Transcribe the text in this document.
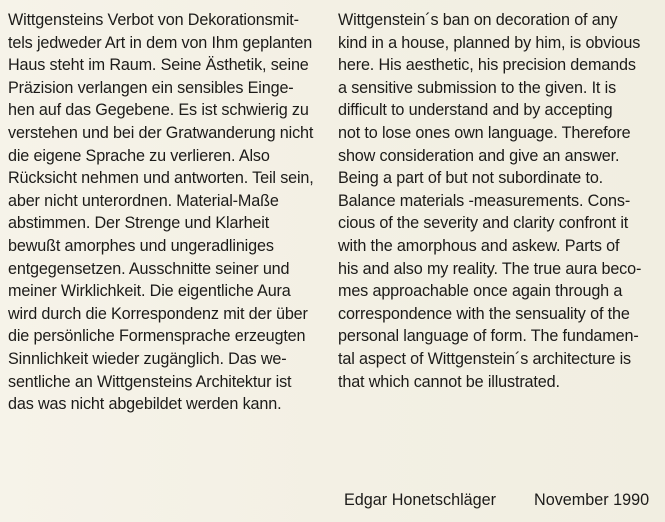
Wittgensteins Verbot von Dekorationsmit-
tels jedweder Art in dem von Ihm geplanten
Haus steht im Raum. Seine Ästhetik, seine
Präzision verlangen ein sensibles Einge-
hen auf das Gegebene. Es ist schwierig zu
verstehen und bei der Gratwanderung nicht
die eigene Sprache zu verlieren. Also
Rücksicht nehmen und antworten. Teil sein,
aber nicht unterordnen. Material-Maße
abstimmen. Der Strenge und Klarheit
bewußt amorphes und ungeradliniges
entgegensetzen. Ausschnitte seiner und
meiner Wirklichkeit. Die eigentliche Aura
wird durch die Korrespondenz mit der über
die persönliche Formensprache erzeugten
Sinnlichkeit wieder zugänglich. Das we-
sentliche an Wittgensteins Architektur ist
das was nicht abgebildet werden kann.
Wittgenstein´s ban on decoration of any
kind in a house, planned by him, is obvious
here. His aesthetic, his precision demands
a sensitive submission to the given. It is
difficult to understand and by accepting
not to lose ones own language. Therefore
show consideration and give an answer.
Being a part of but not subordinate to.
Balance materials -measurements. Cons-
cious of the severity and clarity confront it
with the amorphous and askew. Parts of
his and also my reality. The true aura beco-
mes approachable once again through a
correspondence with the sensuality of the
personal language of form. The fundamen-
tal aspect of Wittgenstein´s architecture is
that which cannot be illustrated.
Edgar Honetschläger November 1990
